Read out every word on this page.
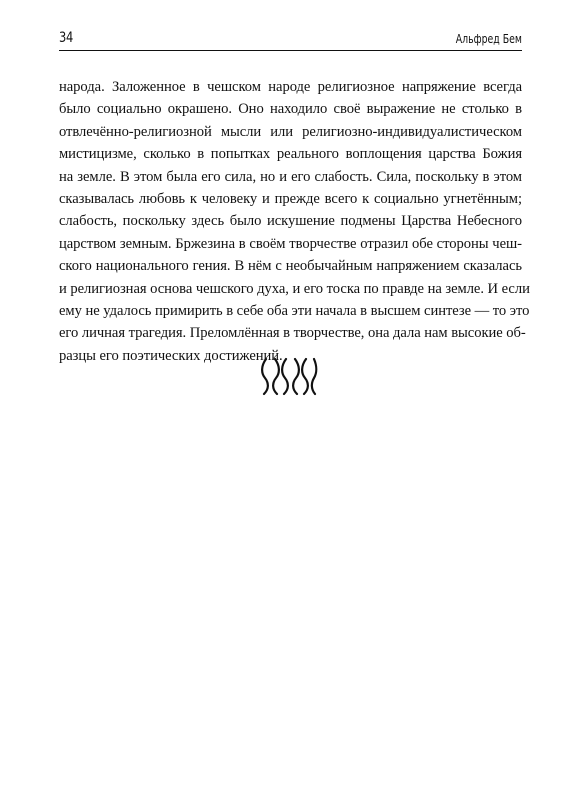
34	Альфред Бем
народа. Заложенное в чешском народе религиозное напряжение всегда
было социально окрашено. Оно находило своё выражение не столько в
отвлечённо-религиозной мысли или религиозно-индивидуалистическом
мистицизме, сколько в попытках реального воплощения царства Божия
на земле. В этом была его сила, но и его слабость. Сила, поскольку в этом
сказывалась любовь к человеку и прежде всего к социально угнетённым;
слабость, поскольку здесь было искушение подмены Царства Небесного
царством земным. Бржезина в своём творчестве отразил обе стороны чеш-
ского национального гения. В нём с необычайным напряжением сказалась
и религиозная основа чешского духа, и его тоска по правде на земле. И если
ему не удалось примирить в себе оба эти начала в высшем синтезе — то это
его личная трагедия. Преломлённая в творчестве, она дала нам высокие об-
разцы его поэтических достижений.
